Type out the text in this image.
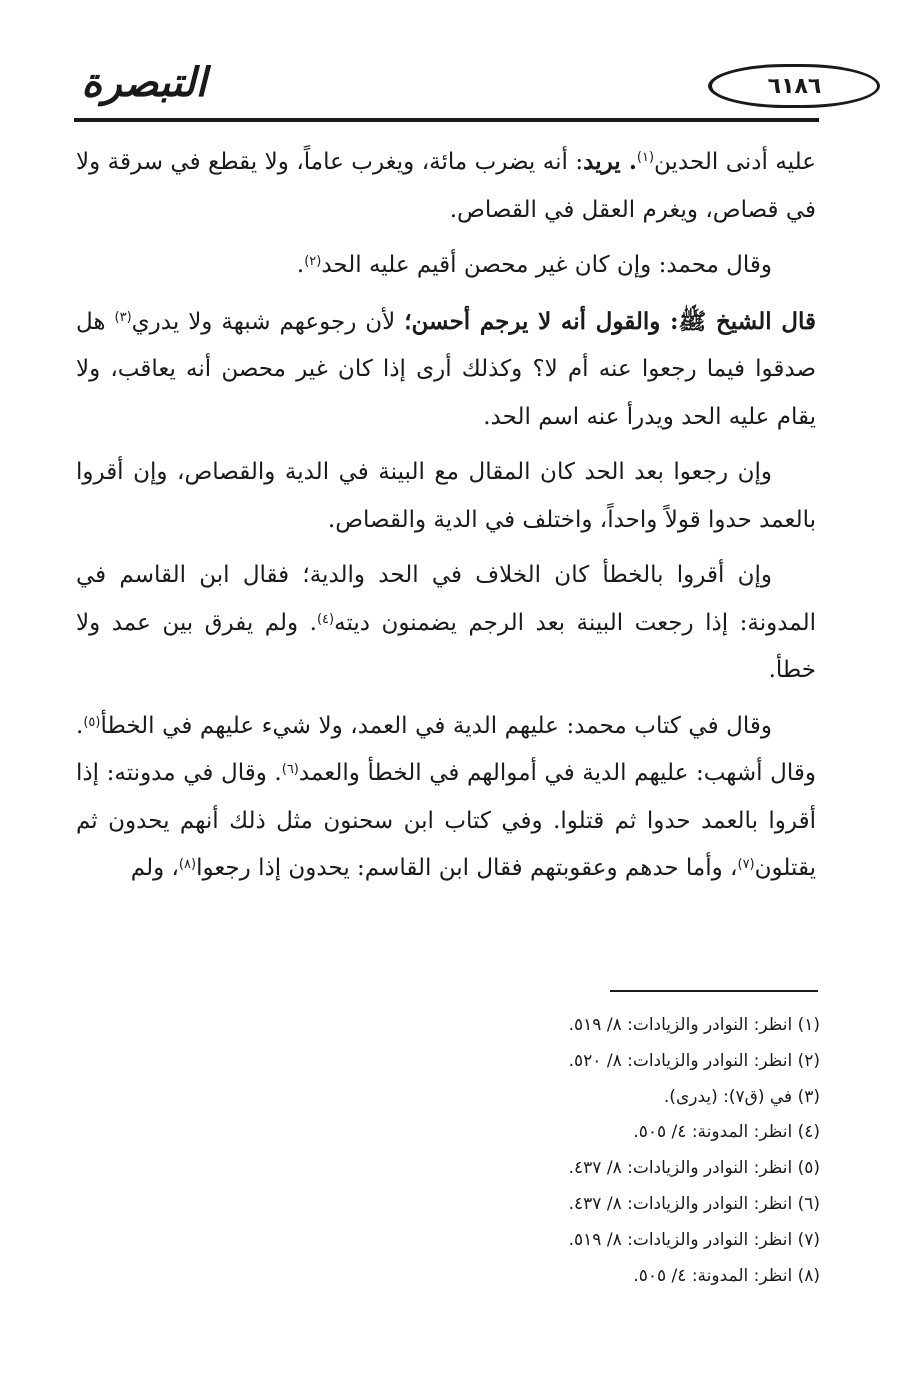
٦١٨٦
التبصرة

عليه أدنى الحدين$^{(١)}$. يريد: أنه يضرب مائة، ويغرب عاماً، ولا يقطع في سرقة ولا في قصاص، ويغرم العقل في القصاص.

وقال محمد: وإن كان غير محصن أقيم عليه الحد$^{(٢)}$.

قال الشيخ ﷺ: والقول أنه لا يرجم أحسن؛ لأن رجوعهم شبهة ولا يدري$^{(٣)}$ هل صدقوا فيما رجعوا عنه أم لا؟ وكذلك أرى إذا كان غير محصن أنه يعاقب، ولا يقام عليه الحد ويدرأ عنه اسم الحد.

وإن رجعوا بعد الحد كان المقال مع البينة في الدية والقصاص، وإن أقروا بالعمد حدوا قولاً واحداً، واختلف في الدية والقصاص.

وإن أقروا بالخطأ كان الخلاف في الحد والدية؛ فقال ابن القاسم في المدونة: إذا رجعت البينة بعد الرجم يضمنون ديته$^{(٤)}$. ولم يفرق بين عمد ولا خطأ.

وقال في كتاب محمد: عليهم الدية في العمد، ولا شيء عليهم في الخطأ$^{(٥)}$. وقال أشهب: عليهم الدية في أموالهم في الخطأ والعمد$^{(٦)}$. وقال في مدونته: إذا أقروا بالعمد حدوا ثم قتلوا. وفي كتاب ابن سحنون مثل ذلك أنهم يحدون ثم يقتلون$^{(٧)}$، وأما حدهم وعقوبتهم فقال ابن القاسم: يحدون إذا رجعوا$^{(٨)}$، ولم

(١) انظر: النوادر والزيادات: ٨/ ٥١٩.
(٢) انظر: النوادر والزيادات: ٨/ ٥٢٠.
(٣) في (ق٧): (يدرى).
(٤) انظر: المدونة: ٤/ ٥٠٥.
(٥) انظر: النوادر والزيادات: ٨/ ٤٣٧.
(٦) انظر: النوادر والزيادات: ٨/ ٤٣٧.
(٧) انظر: النوادر والزيادات: ٨/ ٥١٩.
(٨) انظر: المدونة: ٤/ ٥٠٥.
